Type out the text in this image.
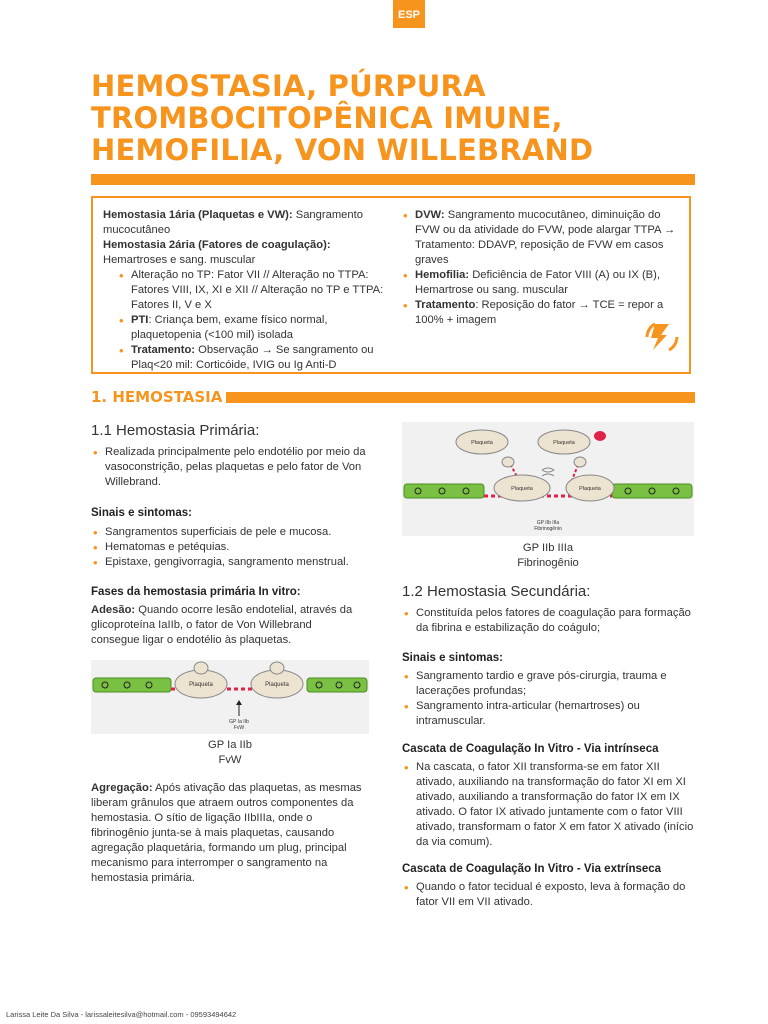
ESP
HEMOSTASIA, PÚRPURA
TROMBOCITOPÊNICA IMUNE,
HEMOFILIA, VON WILLEBRAND
Hemostasia 1ária (Plaquetas e VW): Sangramento mucocutâneo
Hemostasia 2ária (Fatores de coagulação): Hemartroses e sang. muscular
• Alteração no TP: Fator VII // Alteração no TTPA: Fatores VIII, IX, XI e XII // Alteração no TP e TTPA: Fatores II, V e X
• PTI: Criança bem, exame físico normal, plaquetopenia (<100 mil) isolada
• Tratamento: Observação → Se sangramento ou Plaq<20 mil: Corticóide, IVIG ou Ig Anti-D
• DVW: Sangramento mucocutâneo, diminuição do FVW ou da atividade do FVW, pode alargar TTPA → Tratamento: DDAVP, reposição de FVW em casos graves
• Hemofilia: Deficiência de Fator VIII (A) ou IX (B), Hemartrose ou sang. muscular
• Tratamento: Reposição do fator → TCE = repor a 100% + imagem
1. HEMOSTASIA
1.1 Hemostasia Primária:
• Realizada principalmente pelo endotélio por meio da vasoconstrição, pelas plaquetas e pelo fator de Von Willebrand.
Sinais e sintomas:
• Sangramentos superficiais de pele e mucosa.
• Hematomas e petéquias.
• Epistaxe, gengivorragia, sangramento menstrual.
Fases da hemostasia primária In vitro:
Adesão: Quando ocorre lesão endotelial, através da glicoproteína IaIIb, o fator de Von Willebrand consegue ligar o endotélio às plaquetas.
Plaqueta	Plaqueta
GP Ia IIb
FvW
GP Ia IIb
FvW
Agregação: Após ativação das plaquetas, as mesmas liberam grânulos que atraem outros componentes da hemostasia. O sítio de ligação IIbIIIa, onde o fibrinogênio junta-se à mais plaquetas, causando agregação plaquetária, formando um plug, principal mecanismo para interromper o sangramento na hemostasia primária.
Plaqueta	Plaqueta
Plaqueta	Plaqueta
GP IIb IIIa
Fibrinogênio
GP IIb IIIa
Fibrinogênio
1.2 Hemostasia Secundária:
• Constituída pelos fatores de coagulação para formação da fibrina e estabilização do coágulo;
Sinais e sintomas:
• Sangramento tardio e grave pós-cirurgia, trauma e lacerações profundas;
• Sangramento intra-articular (hemartroses) ou intramuscular.
Cascata de Coagulação In Vitro - Via intrínseca
• Na cascata, o fator XII transforma-se em fator XII ativado, auxiliando na transformação do fator XI em XI ativado, auxiliando a transformação do fator IX em IX ativado. O fator IX ativado juntamente com o fator VIII ativado, transformam o fator X em fator X ativado (início da via comum).
Cascata de Coagulação In Vitro - Via extrínseca
• Quando o fator tecidual é exposto, leva à formação do fator VII em VII ativado.
Larissa Leite Da Silva - larissaleitesilva@hotmail.com - 09593494642
